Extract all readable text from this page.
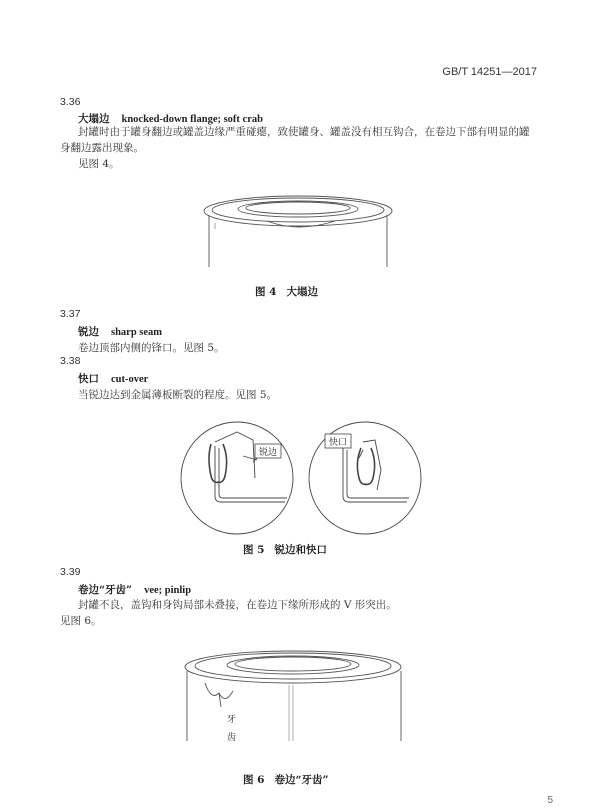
GB/T 14251—2017
3.36
大塌边 knocked-down flange; soft crab
封罐时由于罐身翻边或罐盖边缘严重碰瘪，致使罐身、罐盖没有相互钩合，在卷边下部有明显的罐
身翻边露出现象。
见图 4。
图 4 大塌边
3.37
锐边 sharp seam
卷边顶部内侧的锋口。见图 5。
3.38
快口 cut-over
当锐边达到金属薄板断裂的程度。见图 5。
锐边
快口
图 5 锐边和快口
3.39
卷边“牙齿” vee; pinlip
封罐不良，盖钩和身钩局部未叠接，在卷边下缘所形成的 V 形突出。
见图 6。
牙
齿
图 6 卷边“牙齿”
5
